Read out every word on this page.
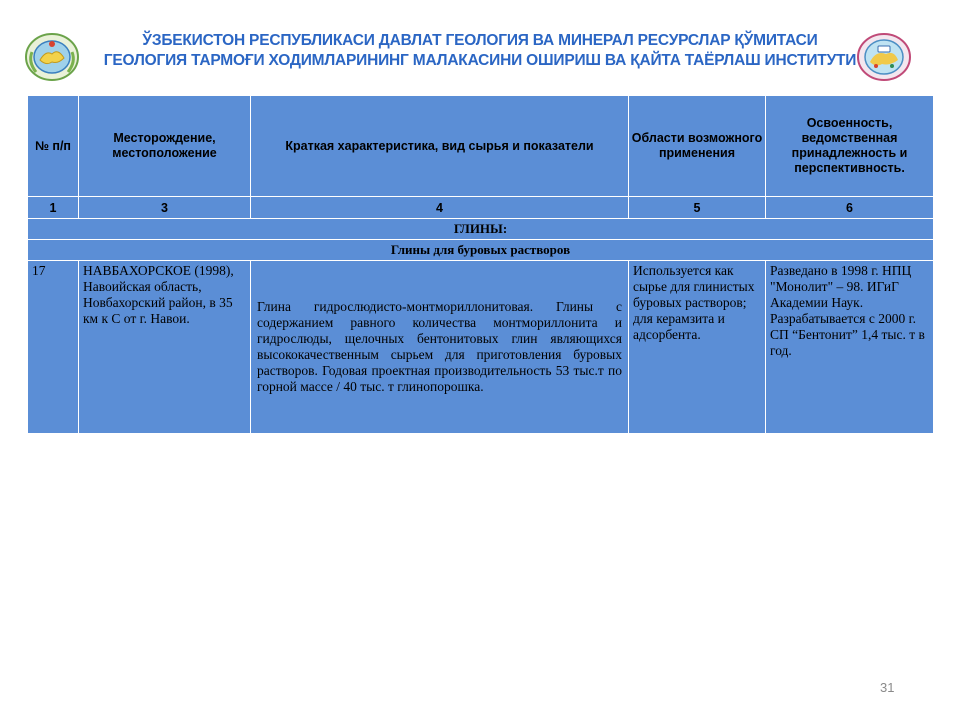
ЎЗБЕКИСТОН РЕСПУБЛИКАСИ ДАВЛАТ ГЕОЛОГИЯ ВА МИНЕРАЛ РЕСУРСЛАР ҚЎМИТАСИ
ГЕОЛОГИЯ ТАРМОҒИ ХОДИМЛАРИНИНГ МАЛАКАСИНИ ОШИРИШ ВА ҚАЙТА ТАЁРЛАШ ИНСТИТУТИ
№ п/п	Месторождение, местоположение	Краткая характеристика, вид сырья и показатели	Области возможного применения	Освоенность, ведомственная принадлежность и перспективность.
1	3	4	5	6
ГЛИНЫ:				
Глины для буровых растворов				
17	НАВБАХОРСКОЕ (1998), Навоийская область, Новбахорский район, в 35 км к С от г. Навои.	Глина гидрослюдисто-монтмориллонитовая. Глины с содержанием равного количества монтмориллонита и гидрослюды, щелочных бентонитовых глин являющихся высококачественным сырьем для приготовления буровых растворов. Годовая проектная производительность 53 тыс.т по горной массе / 40 тыс. т глинопорошка.	Используется как сырье для глинистых буровых растворов; для керамзита и адсорбента.	Разведано в 1998 г. НПЦ "Монолит" – 98. ИГиГ Академии Наук. Разрабатывается с 2000 г. СП “Бентонит” 1,4 тыс. т в год.
31
